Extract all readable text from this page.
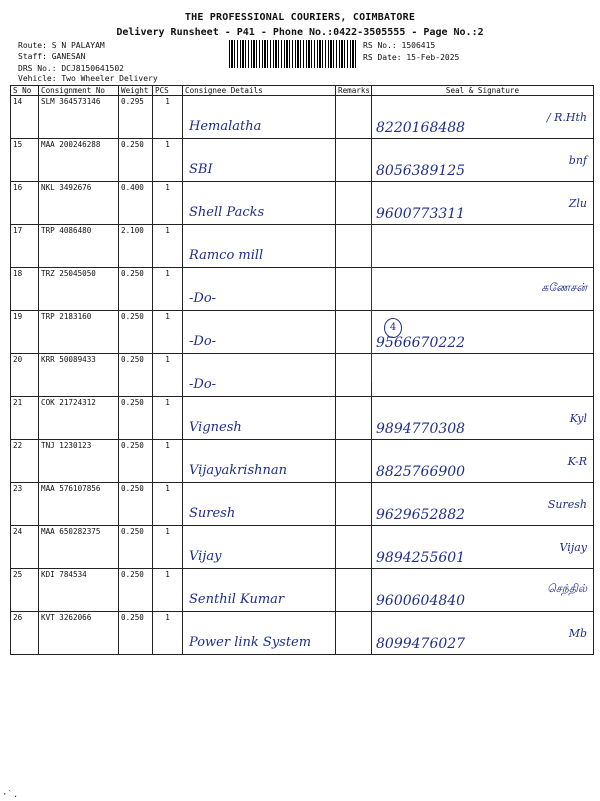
THE PROFESSIONAL COURIERS, COIMBATORE
Delivery Runsheet - P41 - Phone No.:0422-3505555 - Page No.:2
Route: S N PALAYAM
Staff: GANESAN
DRS No.: DCJ8150641502
Vehicle: Two Wheeler Delivery
RS No.: 1506415
RS Date: 15-Feb-2025
S No	Consignment No	Weight	PCS	Consignee Details	Remarks	Seal & Signature
14	SLM 364573146	0.295	1	Hemalatha		8220168488
/ R.Hth

15	MAA 200246288	0.250	1	SBI		8056389125
bnf

16	NKL 3492676	0.400	1	Shell Packs		9600773311
Zlu

17	TRP 4086480	2.100	1	Ramco mill		

18	TRZ 25045050	0.250	1	-Do-		கணேசன்

19	TRP 2183160	0.250	1	-Do-		9566670222

20	KRR 50089433	0.250	1	-Do-		

21	COK 21724312	0.250	1	Vignesh		9894770308
Kyl

22	TNJ 1230123	0.250	1	Vijayakrishnan		8825766900
K-R

23	MAA 576107856	0.250	1	Suresh		9629652882
Suresh

24	MAA 650282375	0.250	1	Vijay		9894255601
Vijay

25	KDI 784534	0.250	1	Senthil Kumar		9600604840
செந்தில்

26	KVT 3262066	0.250	1	Power link System		8099476027
Mb
4
·ˋ.
